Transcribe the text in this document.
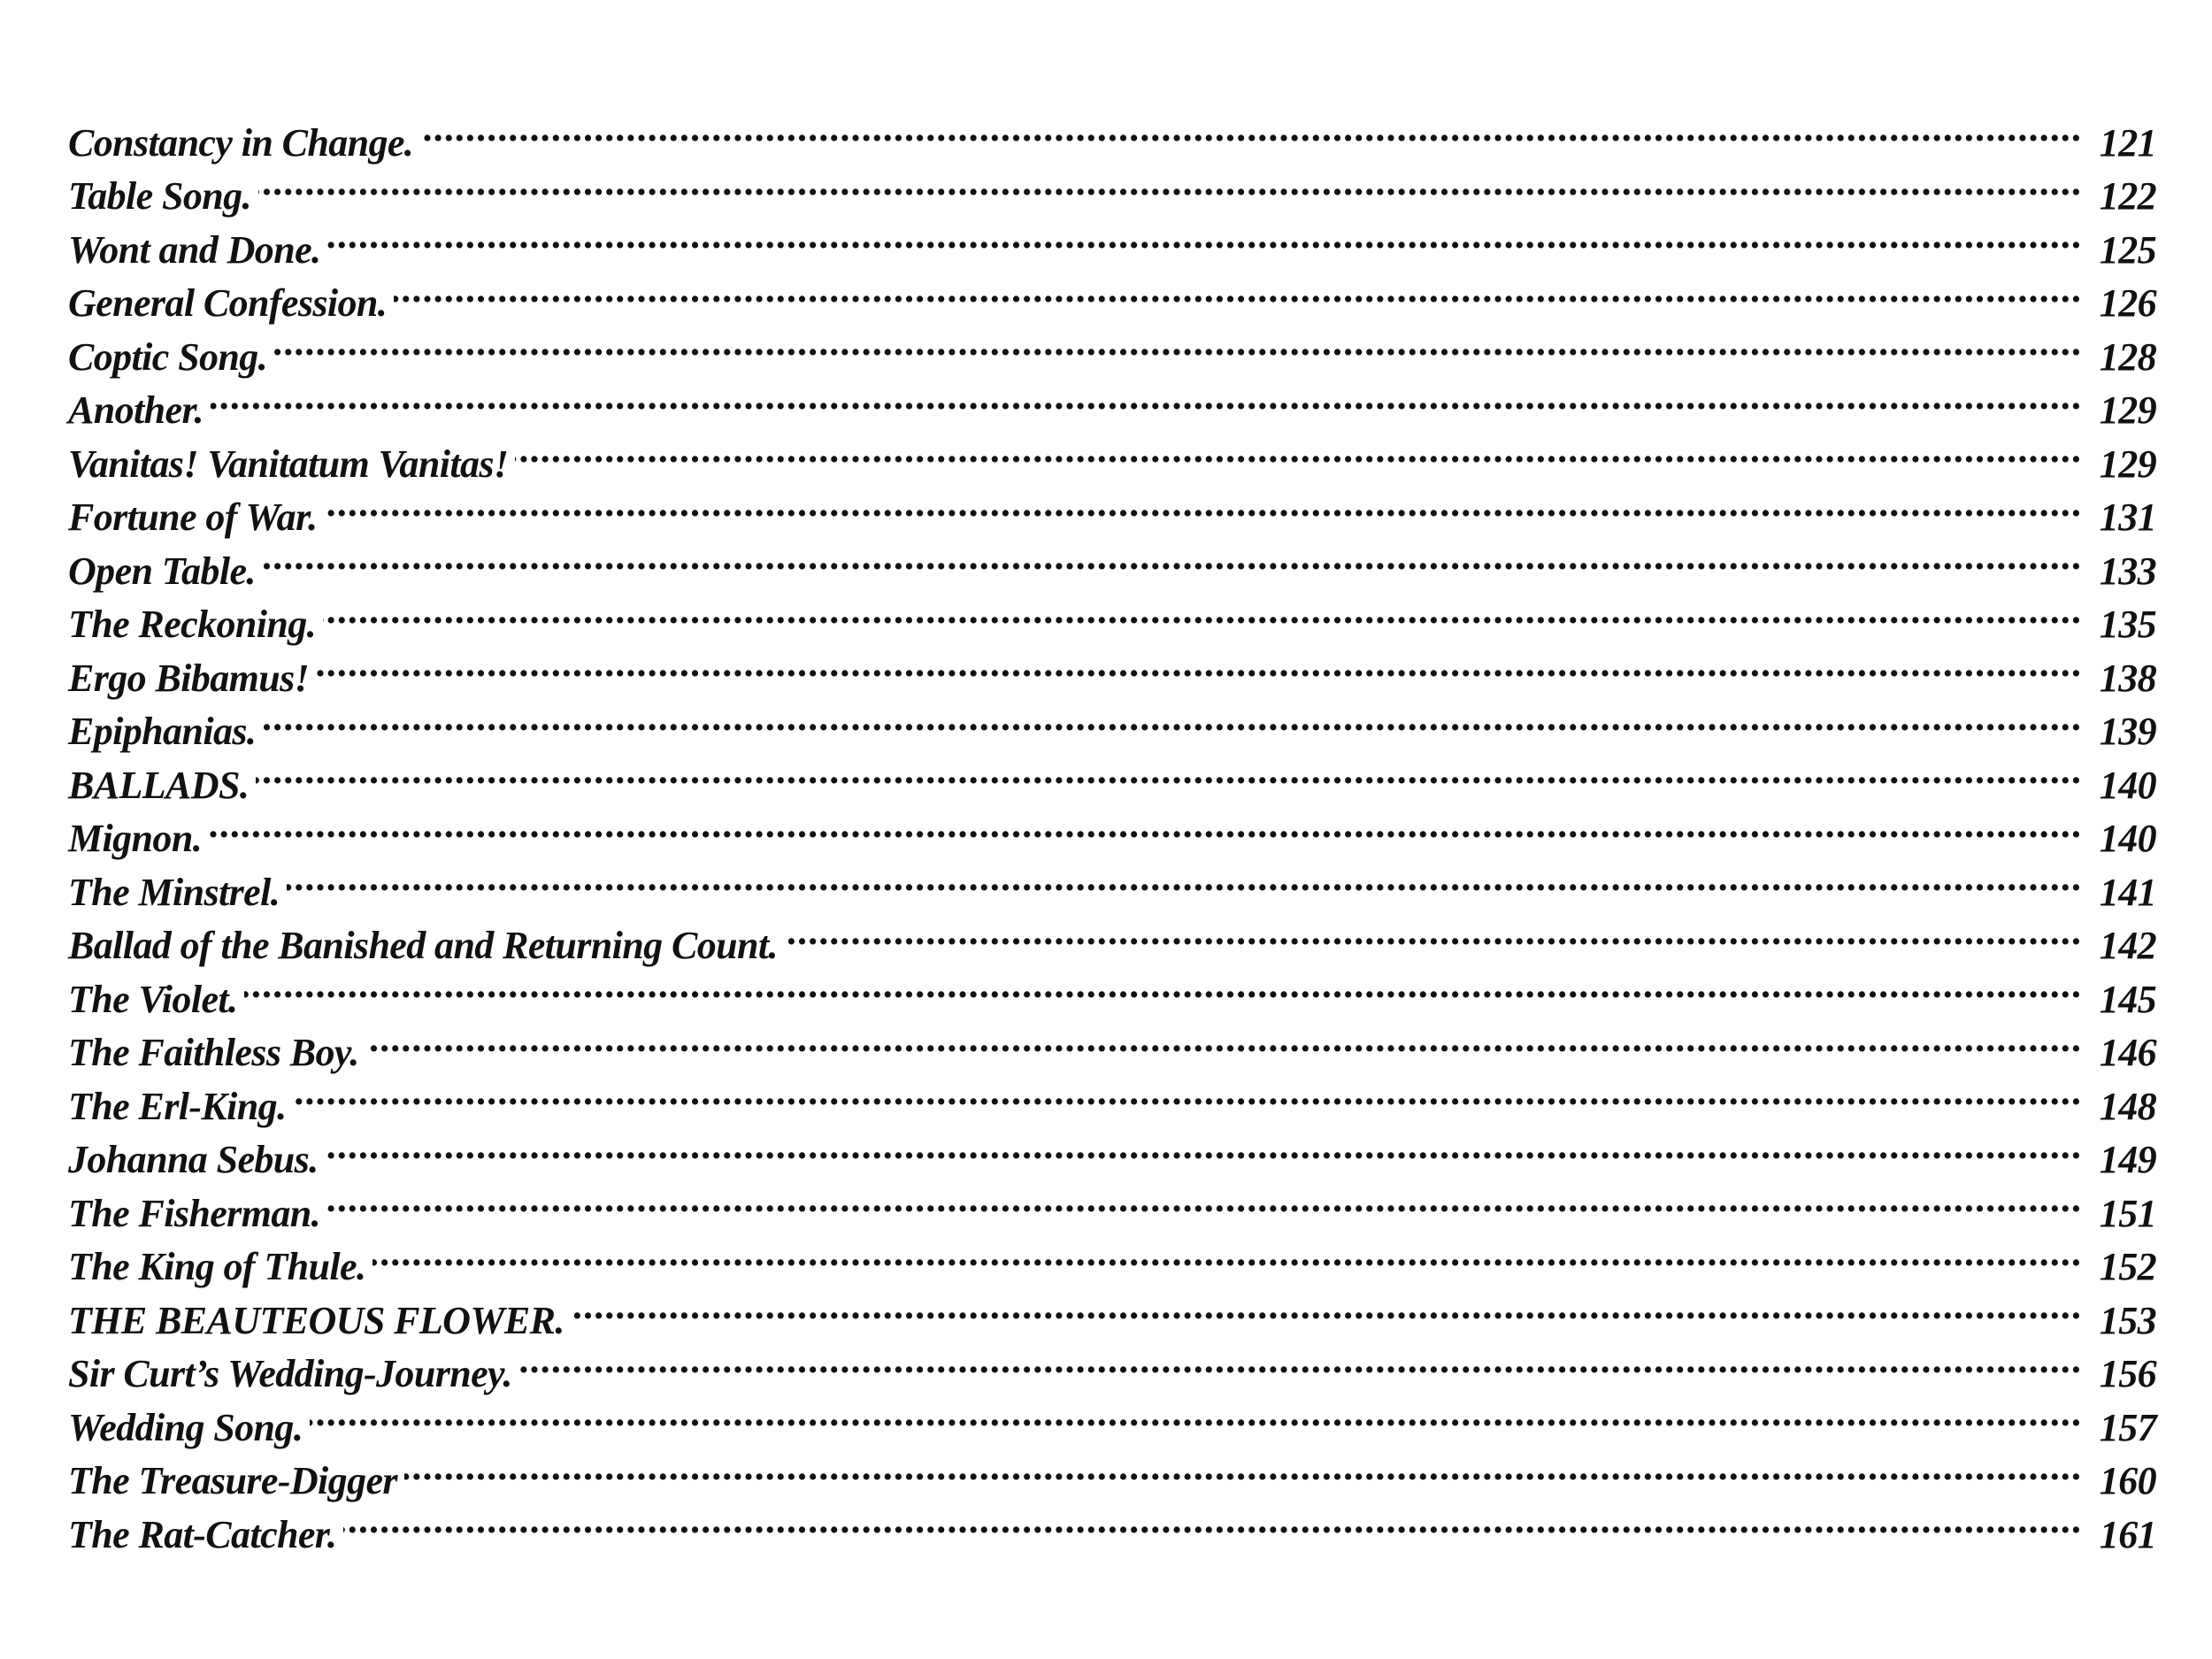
Constancy in Change. .....	121
Table Song. .....	122
Wont and Done. .....	125
General Confession. .....	126
Coptic Song. .....	128
Another. .....	129
Vanitas! Vanitatum Vanitas! .....	129
Fortune of War. .....	131
Open Table. .....	133
The Reckoning. .....	135
Ergo Bibamus! .....	138
Epiphanias. .....	139
BALLADS. .....	140
Mignon. .....	140
The Minstrel. .....	141
Ballad of the Banished and Returning Count. .....	142
The Violet. .....	145
The Faithless Boy. .....	146
The Erl-King. .....	148
Johanna Sebus. .....	149
The Fisherman. .....	151
The King of Thule. .....	152
THE BEAUTEOUS FLOWER. .....	153
Sir Curt’s Wedding-Journey. .....	156
Wedding Song. .....	157
The Treasure-Digger .....	160
The Rat-Catcher. .....	161
